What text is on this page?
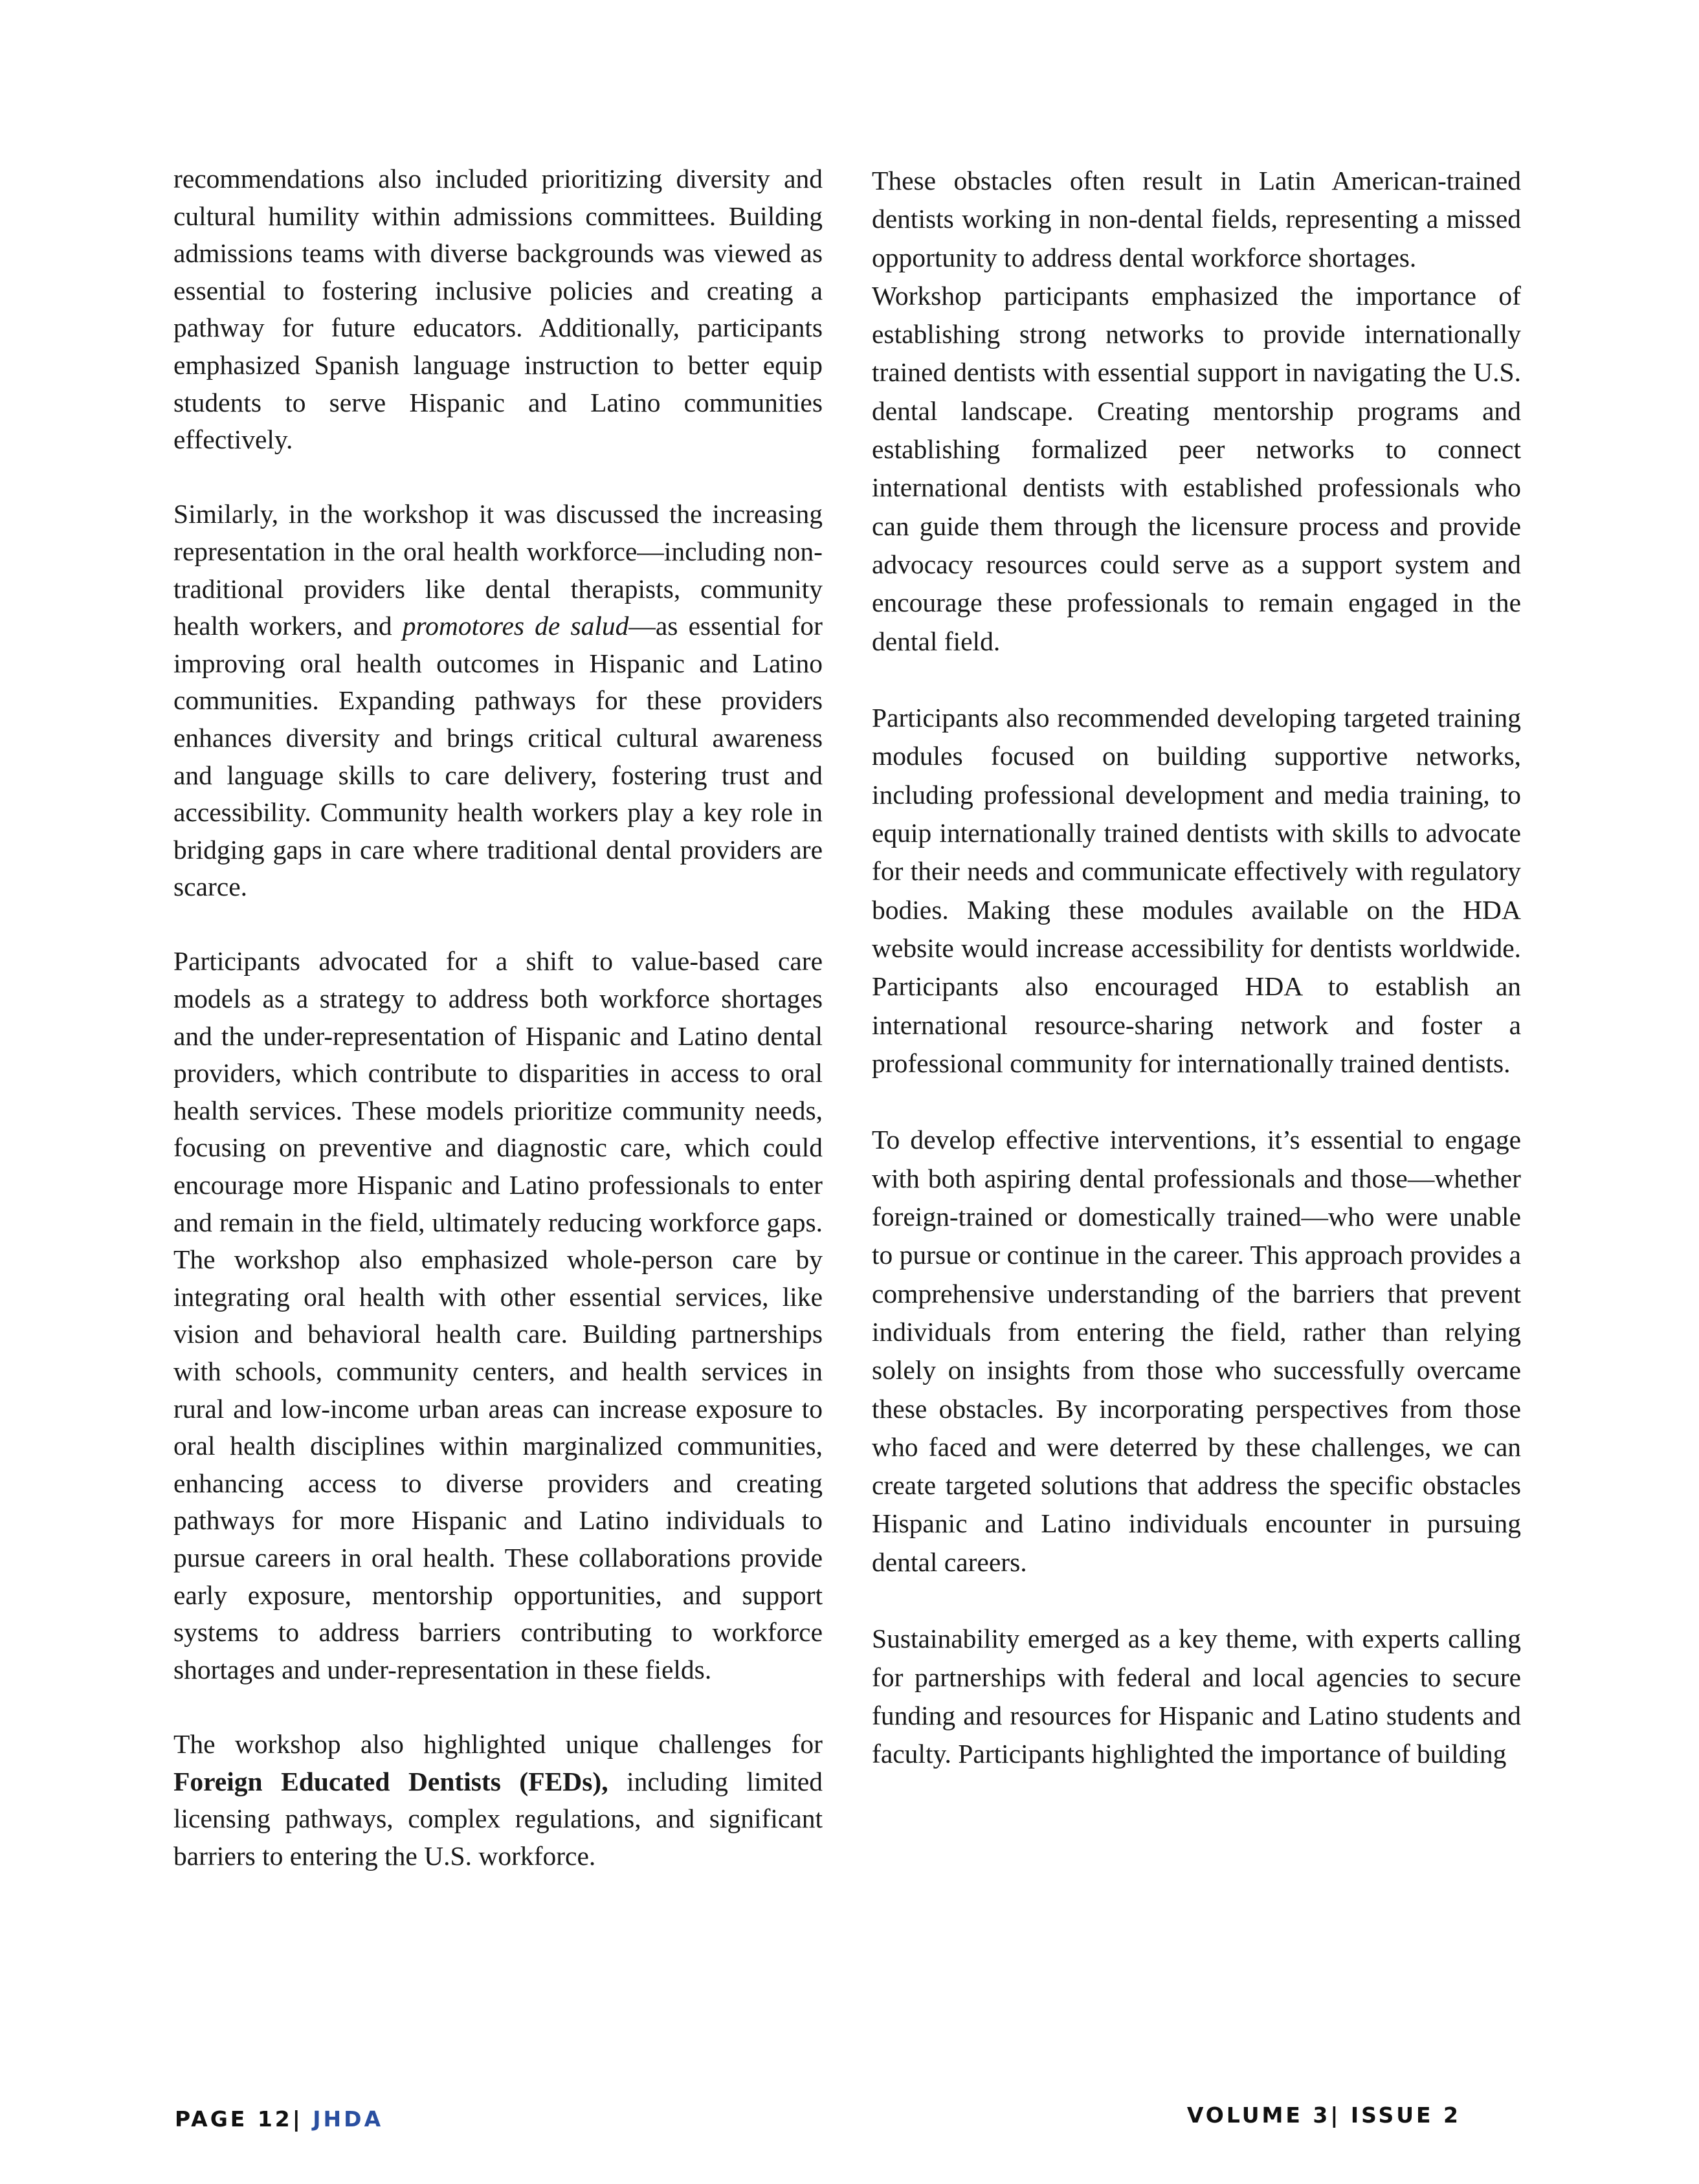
recommendations also included prioritizing diversity and cultural humility within admissions committees. Building admissions teams with diverse backgrounds was viewed as essential to fostering inclusive policies and creating a pathway for future educators. Additionally, participants emphasized Spanish language instruction to better equip students to serve Hispanic and Latino communities effectively.

Similarly, in the workshop it was discussed the increasing representation in the oral health workforce—including non-traditional providers like dental therapists, community health workers, and promotores de salud—as essential for improving oral health outcomes in Hispanic and Latino communities. Expanding pathways for these providers enhances diversity and brings critical cultural awareness and language skills to care delivery, fostering trust and accessibility. Community health workers play a key role in bridging gaps in care where traditional dental providers are scarce.

Participants advocated for a shift to value-based care models as a strategy to address both workforce shortages and the under-representation of Hispanic and Latino dental providers, which contribute to disparities in access to oral health services. These models prioritize community needs, focusing on preventive and diagnostic care, which could encourage more Hispanic and Latino professionals to enter and remain in the field, ultimately reducing workforce gaps. The workshop also emphasized whole-person care by integrating oral health with other essential services, like vision and behavioral health care. Building partnerships with schools, community centers, and health services in rural and low-income urban areas can increase exposure to oral health disciplines within marginalized communities, enhancing access to diverse providers and creating pathways for more Hispanic and Latino individuals to pursue careers in oral health. These collaborations provide early exposure, mentorship opportunities, and support systems to address barriers contributing to workforce shortages and under-representation in these fields.

The workshop also highlighted unique challenges for Foreign Educated Dentists (FEDs), including limited licensing pathways, complex regulations, and significant barriers to entering the U.S. workforce.

These obstacles often result in Latin American-trained dentists working in non-dental fields, representing a missed opportunity to address dental workforce shortages.

Workshop participants emphasized the importance of establishing strong networks to provide internationally trained dentists with essential support in navigating the U.S. dental landscape. Creating mentorship programs and establishing formalized peer networks to connect international dentists with established professionals who can guide them through the licensure process and provide advocacy resources could serve as a support system and encourage these professionals to remain engaged in the dental field.

Participants also recommended developing targeted training modules focused on building supportive networks, including professional development and media training, to equip internationally trained dentists with skills to advocate for their needs and communicate effectively with regulatory bodies. Making these modules available on the HDA website would increase accessibility for dentists worldwide. Participants also encouraged HDA to establish an international resource-sharing network and foster a professional community for internationally trained dentists.

To develop effective interventions, it’s essential to engage with both aspiring dental professionals and those—whether foreign-trained or domestically trained—who were unable to pursue or continue in the career. This approach provides a comprehensive understanding of the barriers that prevent individuals from entering the field, rather than relying solely on insights from those who successfully overcame these obstacles. By incorporating perspectives from those who faced and were deterred by these challenges, we can create targeted solutions that address the specific obstacles Hispanic and Latino individuals encounter in pursuing dental careers.

Sustainability emerged as a key theme, with experts calling for partnerships with federal and local agencies to secure funding and resources for Hispanic and Latino students and faculty. Participants highlighted the importance of building

PAGE 12| JHDA	VOLUME 3| ISSUE 2
